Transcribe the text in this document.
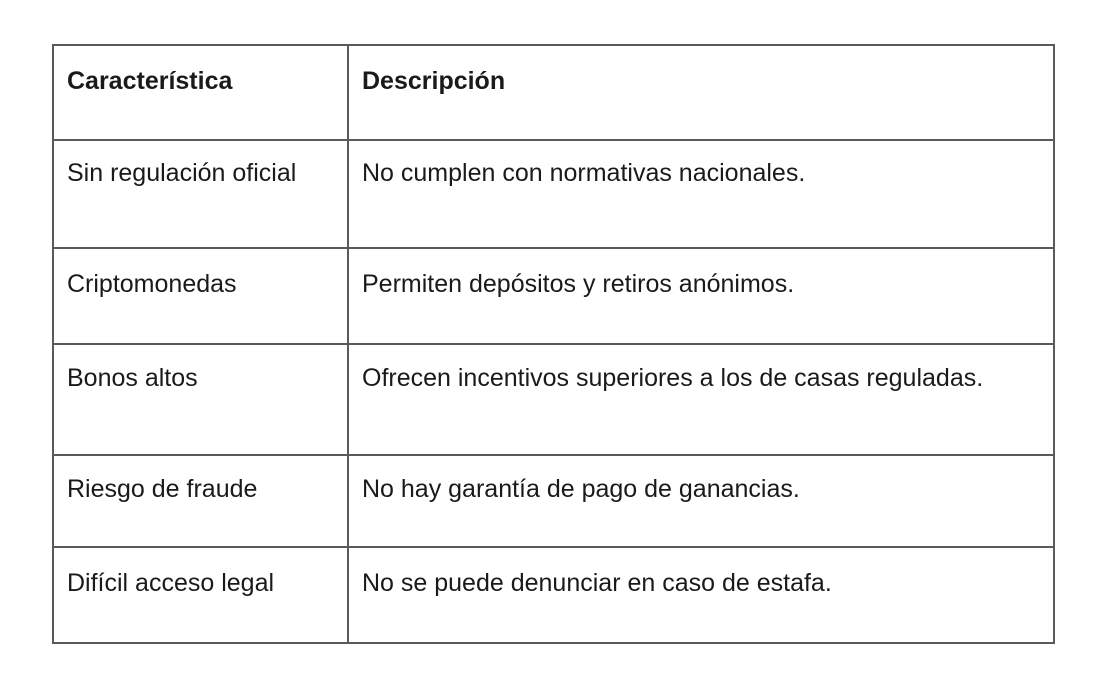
Característica	Descripción
Sin regulación oficial	No cumplen con normativas nacionales.
Criptomonedas	Permiten depósitos y retiros anónimos.
Bonos altos	Ofrecen incentivos superiores a los de casas reguladas.
Riesgo de fraude	No hay garantía de pago de ganancias.
Difícil acceso legal	No se puede denunciar en caso de estafa.
